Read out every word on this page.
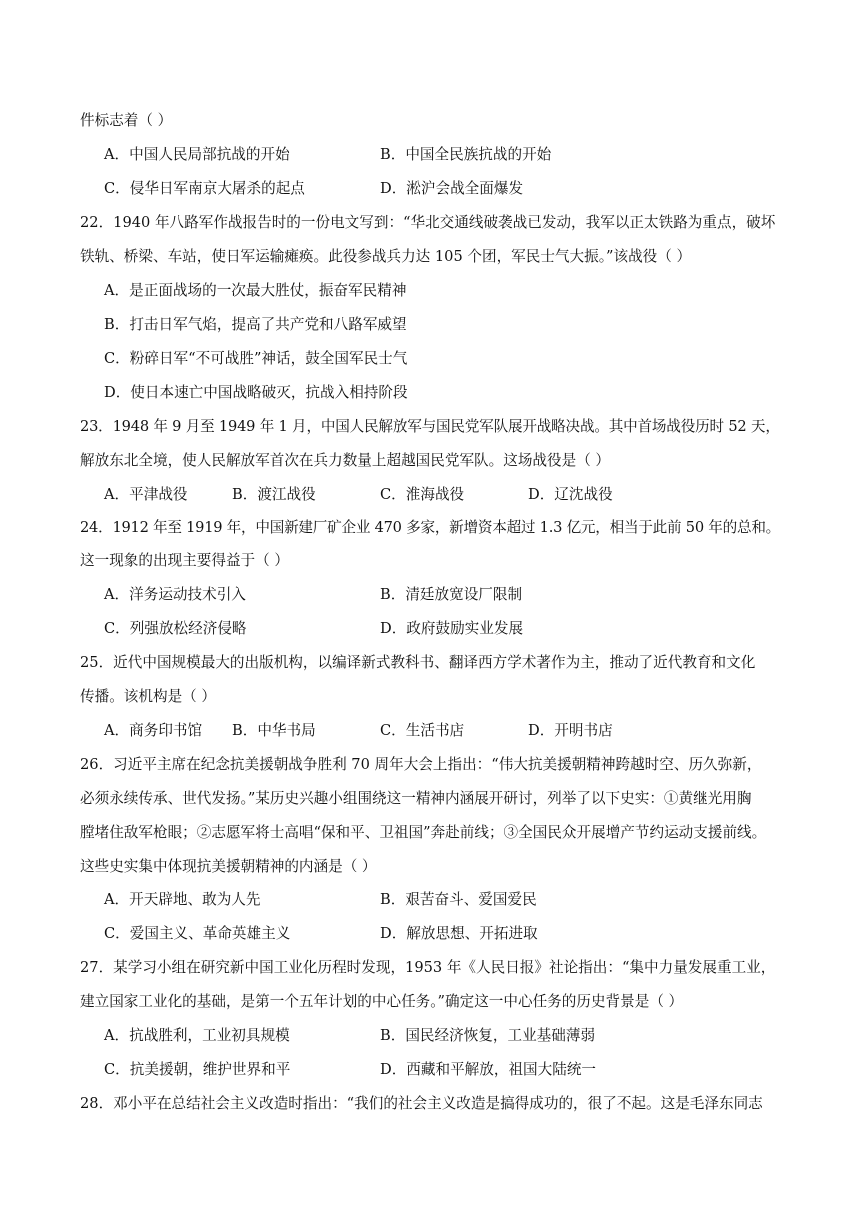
件标志着（ ）
A．中国人民局部抗战的开始	B．中国全民族抗战的开始
C．侵华日军南京大屠杀的起点	D．淞沪会战全面爆发
22．1940 年八路军作战报告时的一份电文写到：“华北交通线破袭战已发动，我军以正太铁路为重点，破坏
铁轨、桥梁、车站，使日军运输瘫痪。此役参战兵力达 105 个团，军民士气大振。”该战役（ ）
A．是正面战场的一次最大胜仗，振奋军民精神
B．打击日军气焰，提高了共产党和八路军威望
C．粉碎日军“不可战胜”神话，鼓全国军民士气
D．使日本速亡中国战略破灭，抗战入相持阶段
23．1948 年 9 月至 1949 年 1 月，中国人民解放军与国民党军队展开战略决战。其中首场战役历时 52 天，
解放东北全境，使人民解放军首次在兵力数量上超越国民党军队。这场战役是（ ）
A．平津战役	B．渡江战役	C．淮海战役	D．辽沈战役
24．1912 年至 1919 年，中国新建厂矿企业 470 多家，新增资本超过 1.3 亿元，相当于此前 50 年的总和。
这一现象的出现主要得益于（ ）
A．洋务运动技术引入	B．清廷放宽设厂限制
C．列强放松经济侵略	D．政府鼓励实业发展
25．近代中国规模最大的出版机构，以编译新式教科书、翻译西方学术著作为主，推动了近代教育和文化
传播。该机构是（ ）
A．商务印书馆 B．中华书局	C．生活书店	D．开明书店
26．习近平主席在纪念抗美援朝战争胜利 70 周年大会上指出：“伟大抗美援朝精神跨越时空、历久弥新，
必须永续传承、世代发扬。”某历史兴趣小组围绕这一精神内涵展开研讨，列举了以下史实：①黄继光用胸
膛堵住敌军枪眼；②志愿军将士高唱“保和平、卫祖国”奔赴前线；③全国民众开展增产节约运动支援前线。
这些史实集中体现抗美援朝精神的内涵是（ ）
A．开天辟地、敢为人先	B．艰苦奋斗、爱国爱民
C．爱国主义、革命英雄主义	D．解放思想、开拓进取
27．某学习小组在研究新中国工业化历程时发现，1953 年《人民日报》社论指出：“集中力量发展重工业，
建立国家工业化的基础，是第一个五年计划的中心任务。”确定这一中心任务的历史背景是（ ）
A．抗战胜利，工业初具规模	B．国民经济恢复，工业基础薄弱
C．抗美援朝，维护世界和平	D．西藏和平解放，祖国大陆统一
28．邓小平在总结社会主义改造时指出：“我们的社会主义改造是搞得成功的，很了不起。这是毛泽东同志
